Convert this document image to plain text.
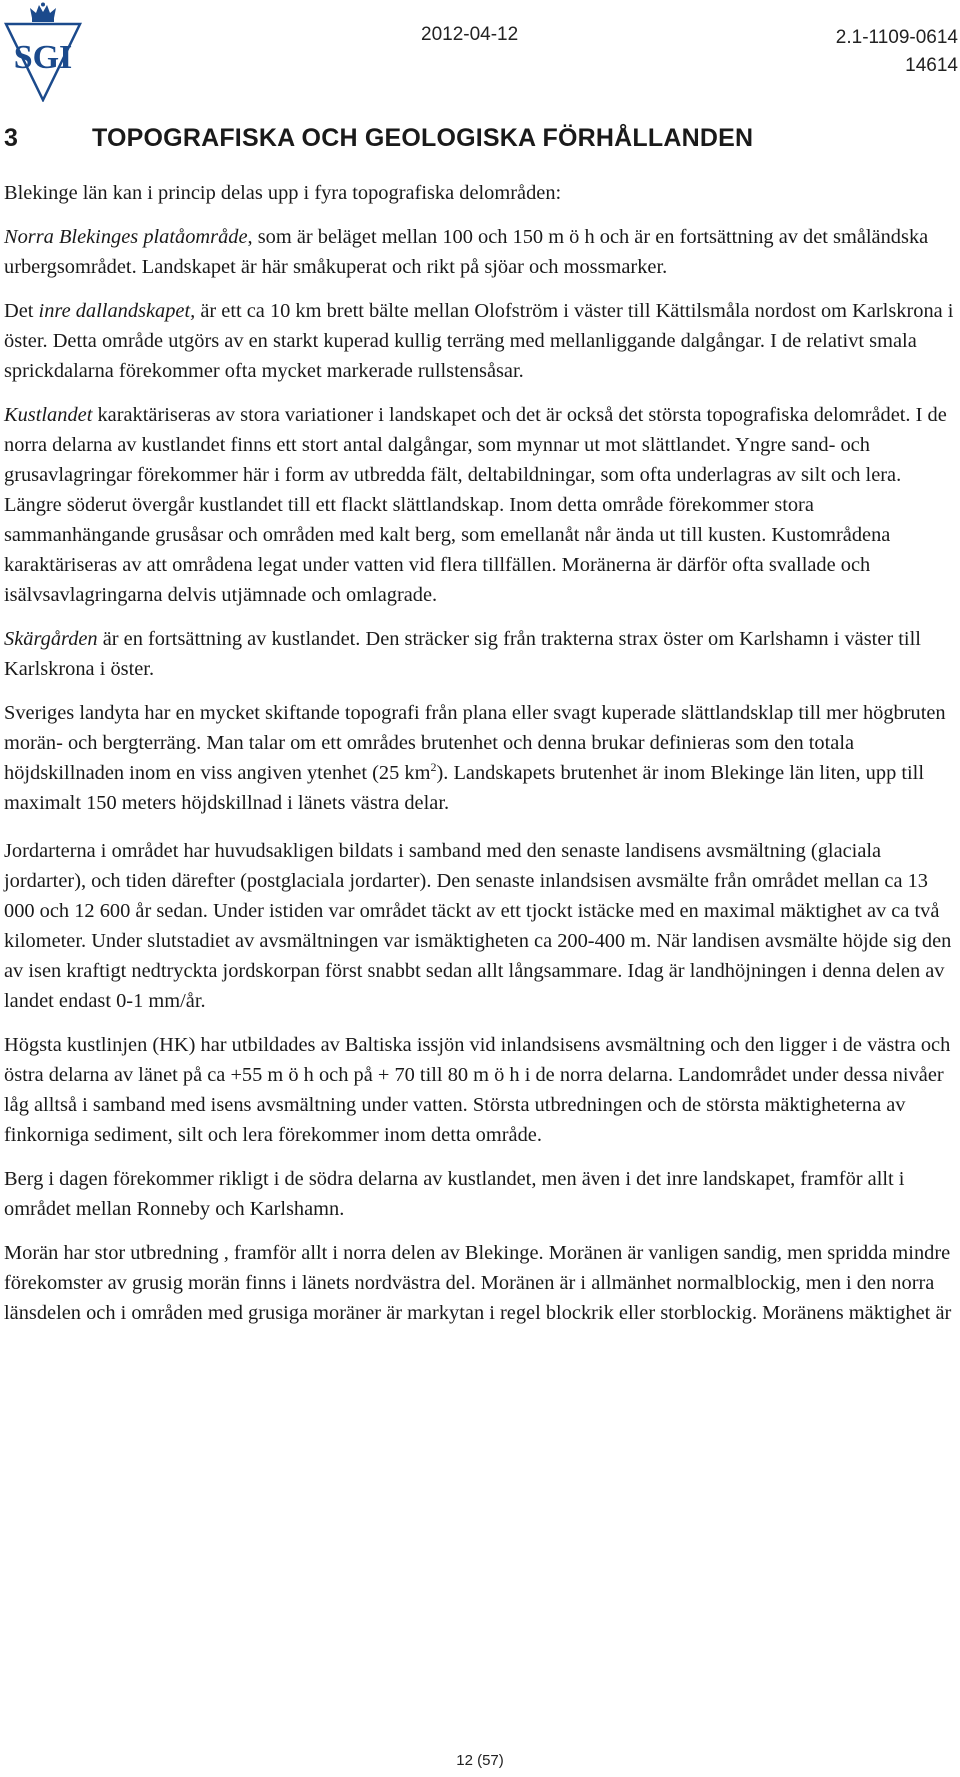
SGI
2012-04-12	2.1-1109-0614
14614
3	TOPOGRAFISKA OCH GEOLOGISKA FÖRHÅLLANDEN

Blekinge län kan i princip delas upp i fyra topografiska delområden:

Norra Blekinges platåområde, som är beläget mellan 100 och 150 m ö h och är en fortsättning av det småländska urbergsområdet. Landskapet är här småkuperat och rikt på sjöar och mossmarker.

Det inre dallandskapet, är ett ca 10 km brett bälte mellan Olofström i väster till Kättilsmåla nordost om Karlskrona i öster. Detta område utgörs av en starkt kuperad kullig terräng med mellanliggande dalgångar. I de relativt smala sprickdalarna förekommer ofta mycket markerade rullstensåsar.

Kustlandet karaktäriseras av stora variationer i landskapet och det är också det största topografiska delområdet. I de norra delarna av kustlandet finns ett stort antal dalgångar, som mynnar ut mot slättlandet. Yngre sand- och grusavlagringar förekommer här i form av utbredda fält, deltabildningar, som ofta underlagras av silt och lera. Längre söderut övergår kustlandet till ett flackt slättlandskap. Inom detta område förekommer stora sammanhängande grusåsar och områden med kalt berg, som emellanåt når ända ut till kusten. Kustområdena karaktäriseras av att områdena legat under vatten vid flera tillfällen. Moränerna är därför ofta svallade och isälvsavlagringarna delvis utjämnade och omlagrade.

Skärgården är en fortsättning av kustlandet. Den sträcker sig från trakterna strax öster om Karlshamn i väster till Karlskrona i öster.

Sveriges landyta har en mycket skiftande topografi från plana eller svagt kuperade slättlandsklap till mer högbruten morän- och bergterräng. Man talar om ett områdes brutenhet och denna brukar definieras som den totala höjdskillnaden inom en viss angiven ytenhet (25 $km^2$). Landskapets brutenhet är inom Blekinge län liten, upp till maximalt 150 meters höjdskillnad i länets västra delar.

Jordarterna i området har huvudsakligen bildats i samband med den senaste landisens avsmältning (glaciala jordarter), och tiden därefter (postglaciala jordarter). Den senaste inlandsisen avsmälte från området mellan ca 13 000 och 12 600 år sedan. Under istiden var området täckt av ett tjockt istäcke med en maximal mäktighet av ca två kilometer. Under slutstadiet av avsmältningen var ismäktigheten ca 200-400 m. När landisen avsmälte höjde sig den av isen kraftigt nedtryckta jordskorpan först snabbt sedan allt långsammare. Idag är landhöjningen i denna delen av landet endast 0-1 mm/år.

Högsta kustlinjen (HK) har utbildades av Baltiska issjön vid inlandsisens avsmältning och den ligger i de västra och östra delarna av länet på ca +55 m ö h och på + 70 till 80 m ö h i de norra delarna. Landområdet under dessa nivåer låg alltså i samband med isens avsmältning under vatten. Största utbredningen och de största mäktigheterna av finkorniga sediment, silt och lera förekommer inom detta område.

Berg i dagen förekommer rikligt i de södra delarna av kustlandet, men även i det inre landskapet, framför allt i området mellan Ronneby och Karlshamn.

Morän har stor utbredning , framför allt i norra delen av Blekinge. Moränen är vanligen sandig, men spridda mindre förekomster av grusig morän finns i länets nordvästra del. Moränen är i allmänhet normalblockig, men i den norra länsdelen och i områden med grusiga moräner är markytan i regel blockrik eller storblockig. Moränens mäktighet är

12 (57)
